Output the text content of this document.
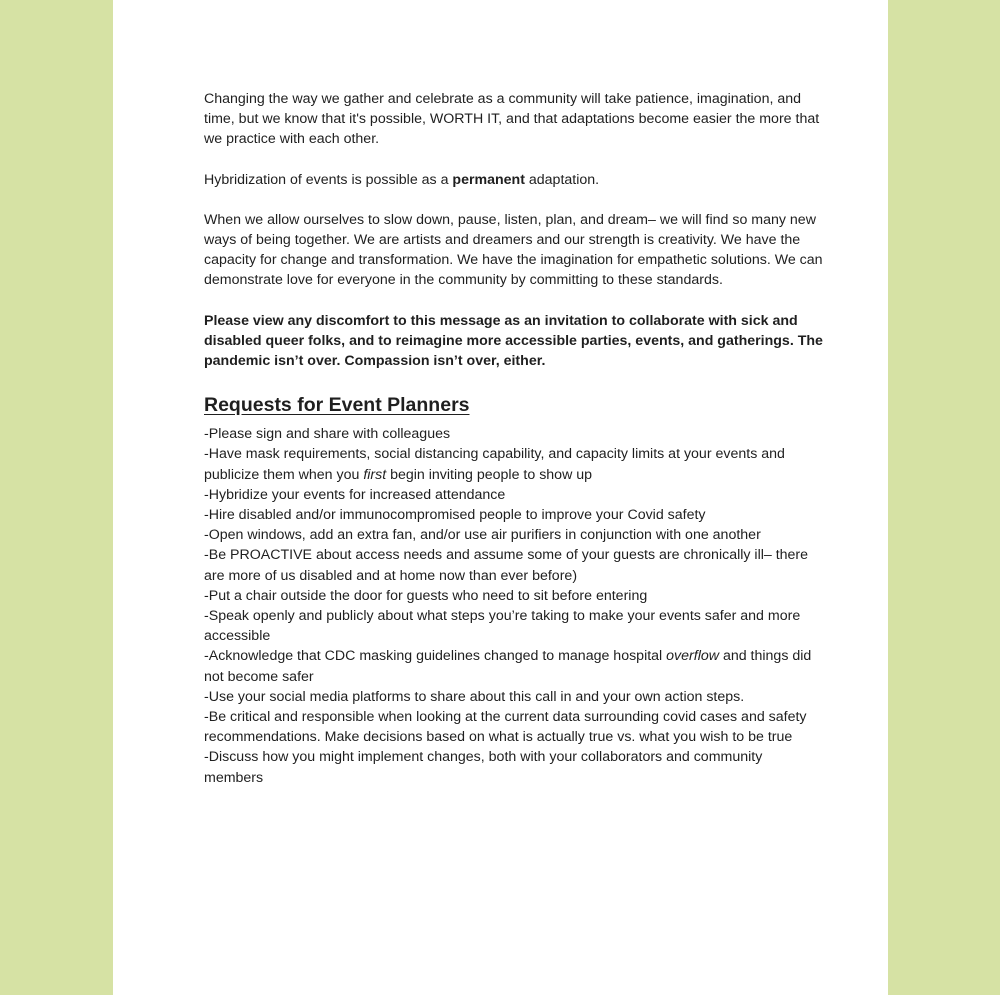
Changing the way we gather and celebrate as a community will take patience, imagination, and time, but we know that it's possible, WORTH IT, and that adaptations become easier the more that we practice with each other.

Hybridization of events is possible as a permanent adaptation.

When we allow ourselves to slow down, pause, listen, plan, and dream– we will find so many new ways of being together. We are artists and dreamers and our strength is creativity. We have the capacity for change and transformation. We have the imagination for empathetic solutions. We can demonstrate love for everyone in the community by committing to these standards.

Please view any discomfort to this message as an invitation to collaborate with sick and disabled queer folks, and to reimagine more accessible parties, events, and gatherings. The pandemic isn’t over. Compassion isn’t over, either.

Requests for Event Planners

-Please sign and share with colleagues

-Have mask requirements, social distancing capability, and capacity limits at your events and publicize them when you first begin inviting people to show up

-Hybridize your events for increased attendance

-Hire disabled and/or immunocompromised people to improve your Covid safety

-Open windows, add an extra fan, and/or use air purifiers in conjunction with one another

-Be PROACTIVE about access needs and assume some of your guests are chronically ill– there are more of us disabled and at home now than ever before)

-Put a chair outside the door for guests who need to sit before entering

-Speak openly and publicly about what steps you’re taking to make your events safer and more accessible

-Acknowledge that CDC masking guidelines changed to manage hospital overflow and things did not become safer

-Use your social media platforms to share about this call in and your own action steps.

-Be critical and responsible when looking at the current data surrounding covid cases and safety recommendations. Make decisions based on what is actually true vs. what you wish to be true

-Discuss how you might implement changes, both with your collaborators and community members
